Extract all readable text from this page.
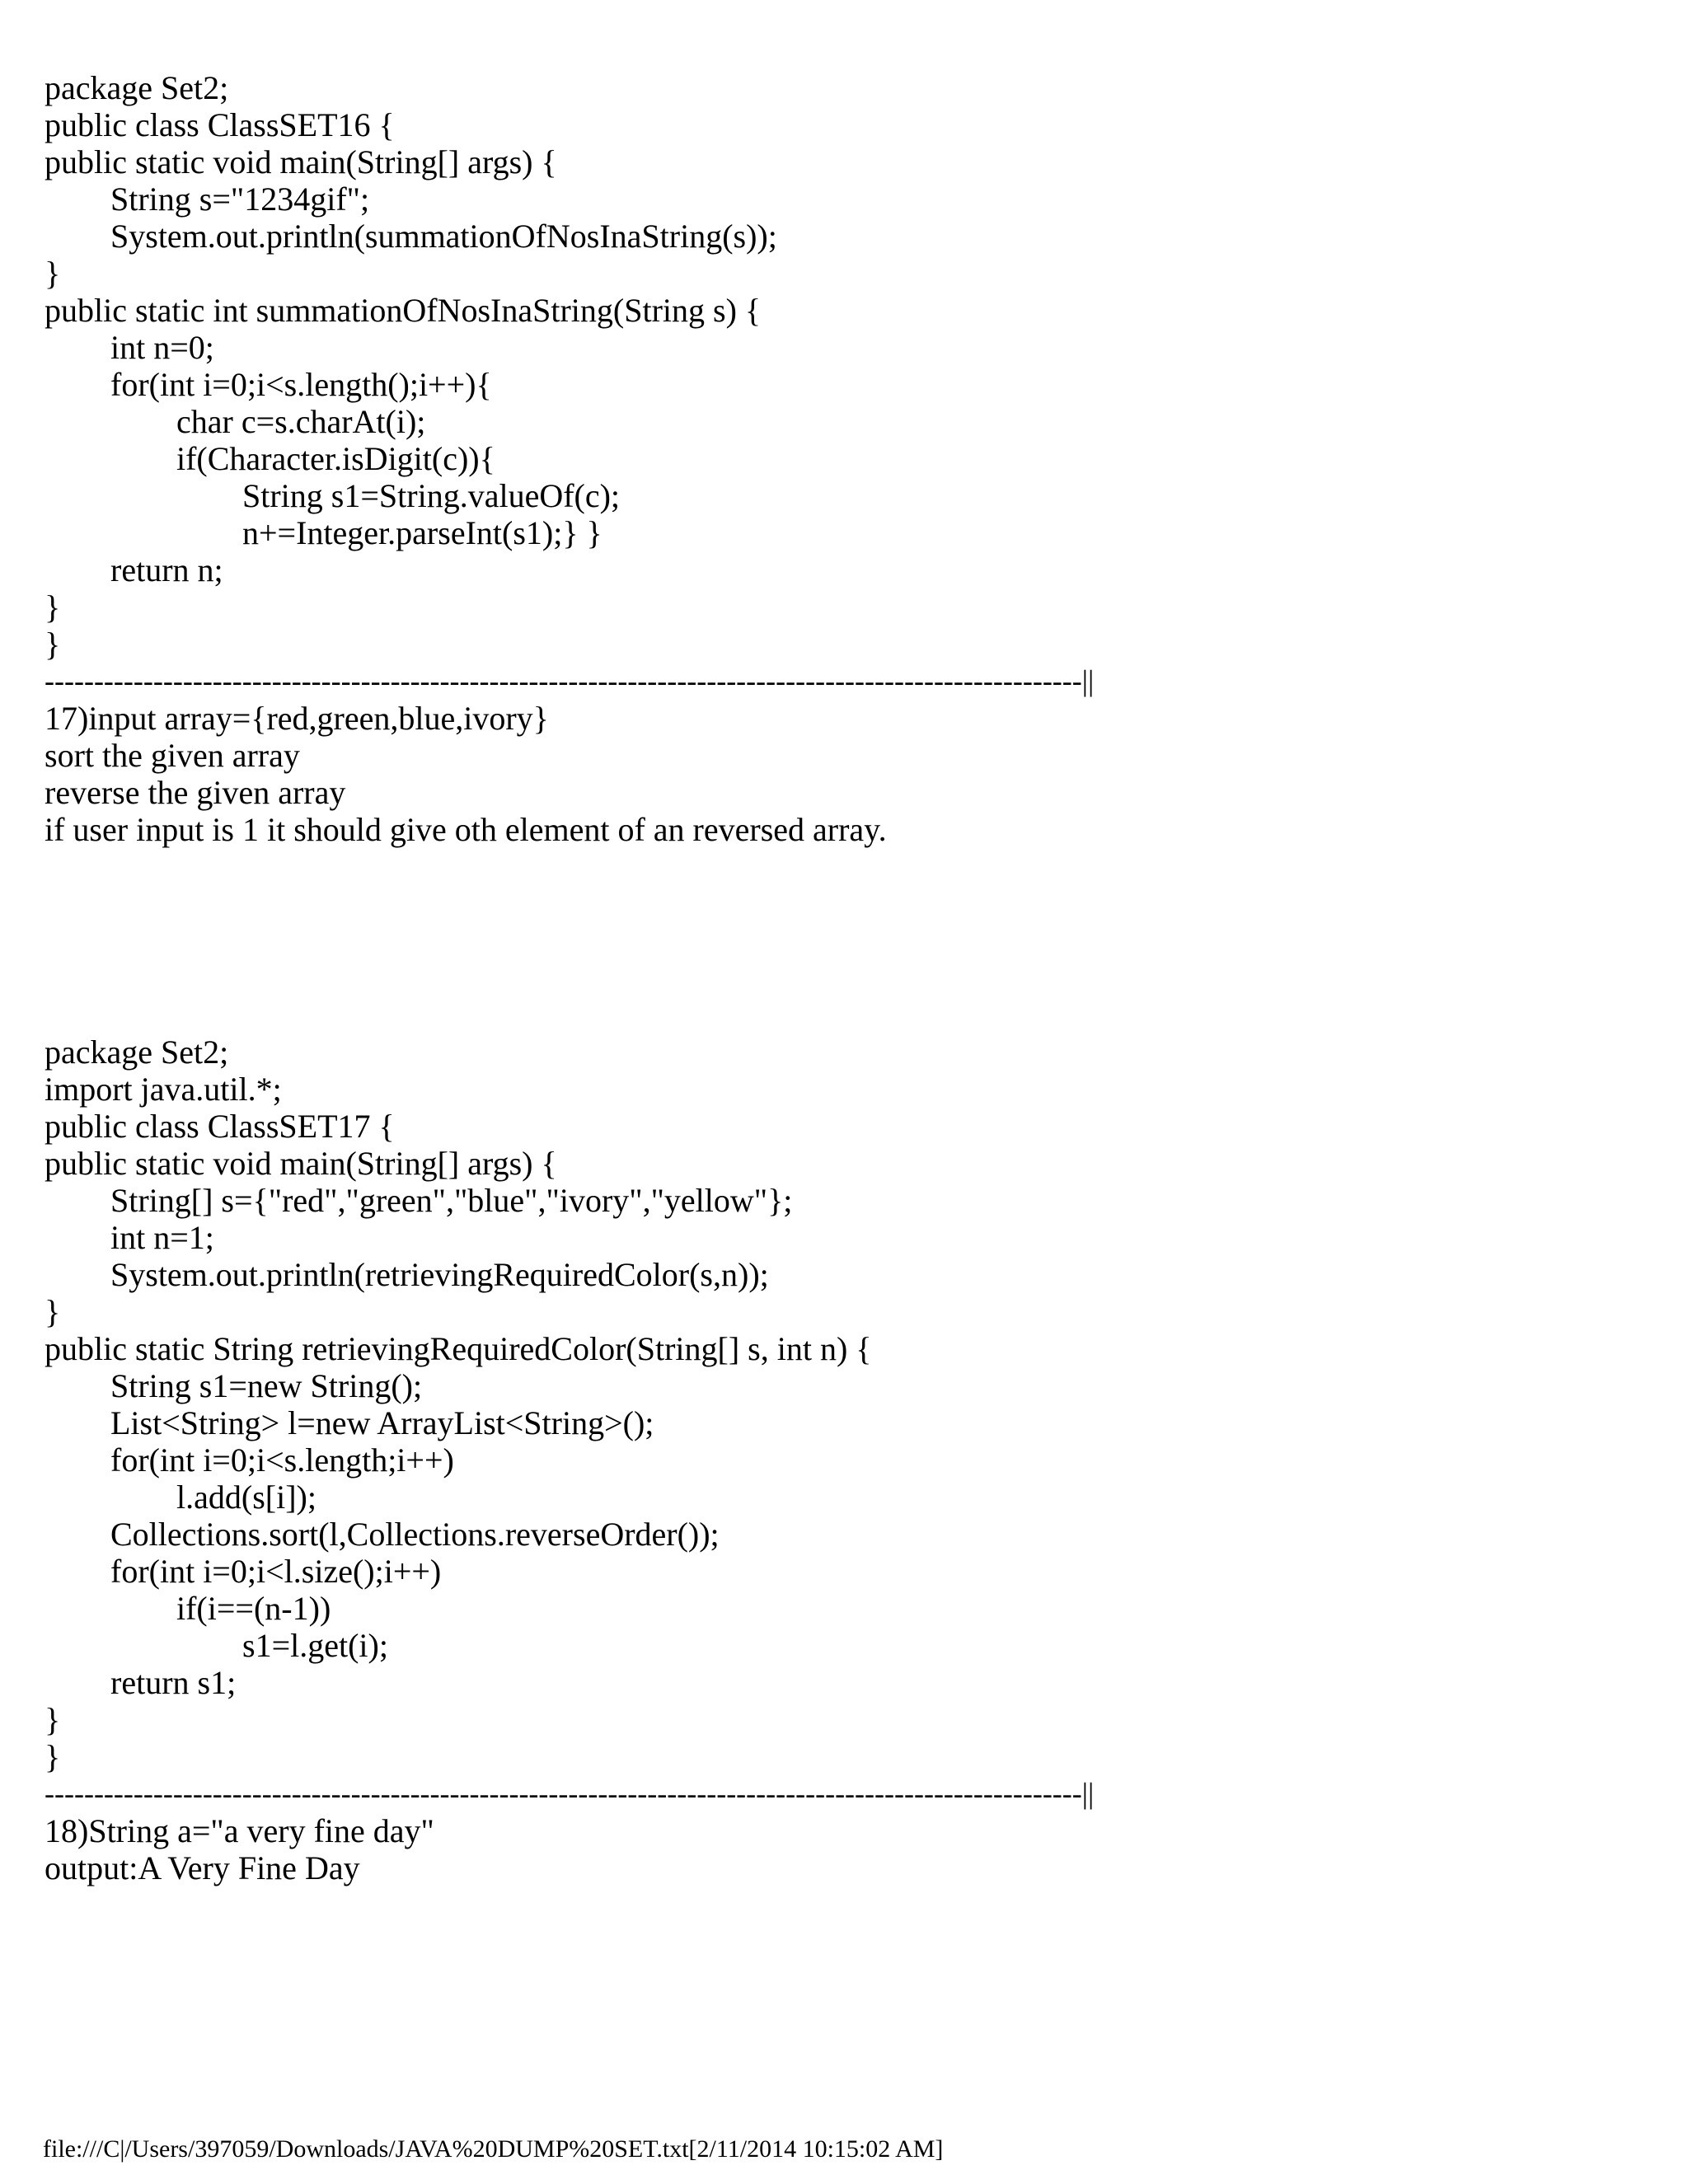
package Set2;
public class ClassSET16 {
public static void main(String[] args) {
String s="1234gif";
System.out.println(summationOfNosInaString(s));
}
public static int summationOfNosInaString(String s) {
int n=0;
for(int i=0;i<s.length();i++){
char c=s.charAt(i);
if(Character.isDigit(c)){
String s1=String.valueOf(c);
n+=Integer.parseInt(s1);} }
return n;
}
}
---------------------------------------------------------------------------------------------------------||
17)input array={red,green,blue,ivory}
sort the given array
reverse the given array
if user input is 1 it should give oth element of an reversed array.
package Set2;
import java.util.*;
public class ClassSET17 {
public static void main(String[] args) {
String[] s={"red","green","blue","ivory","yellow"};
int n=1;
System.out.println(retrievingRequiredColor(s,n));
}
public static String retrievingRequiredColor(String[] s, int n) {
String s1=new String();
List<String> l=new ArrayList<String>();
for(int i=0;i<s.length;i++)
l.add(s[i]);
Collections.sort(l,Collections.reverseOrder());
for(int i=0;i<l.size();i++)
if(i==(n-1))
s1=l.get(i);
return s1;
}
}
---------------------------------------------------------------------------------------------------------||
18)String a="a very fine day"
output:A Very Fine Day
file:///C|/Users/397059/Downloads/JAVA%20DUMP%20SET.txt[2/11/2014 10:15:02 AM]
